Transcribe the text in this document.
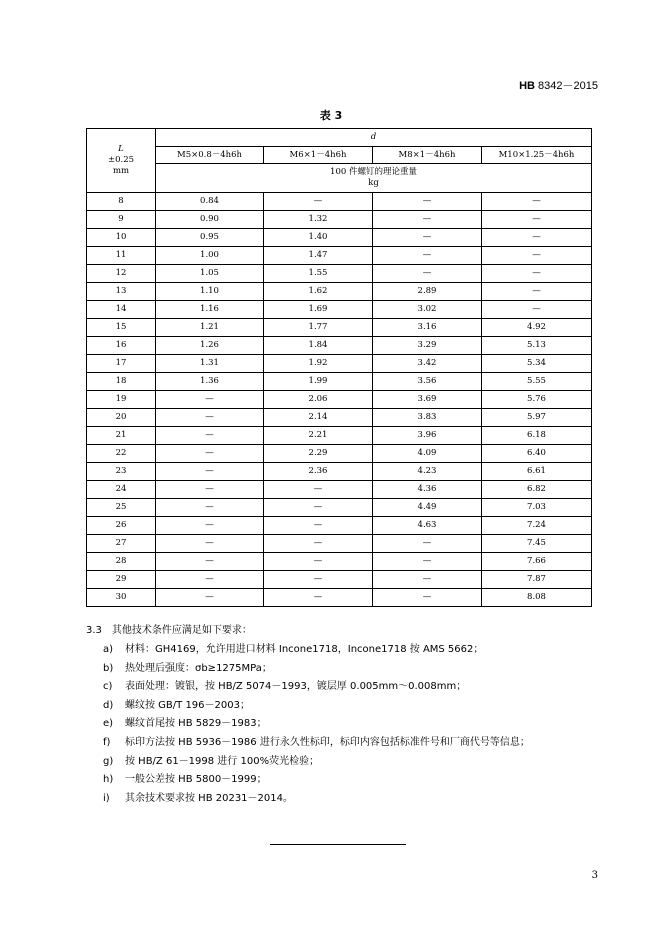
HB 8342－2015
表 3
L
±0.25
mm	d			
	M5×0.8－4h6h	M6×1－4h6h	M8×1－4h6h	M10×1.25－4h6h

	100 件螺钉的理论重量
kg			

8	0.84	—	—	—
9	0.90	1.32	—	—
10	0.95	1.40	—	—
11	1.00	1.47	—	—
12	1.05	1.55	—	—
13	1.10	1.62	2.89	—
14	1.16	1.69	3.02	—
15	1.21	1.77	3.16	4.92
16	1.26	1.84	3.29	5.13
17	1.31	1.92	3.42	5.34
18	1.36	1.99	3.56	5.55
19	—	2.06	3.69	5.76
20	—	2.14	3.83	5.97
21	—	2.21	3.96	6.18
22	—	2.29	4.09	6.40
23	—	2.36	4.23	6.61
24	—	—	4.36	6.82
25	—	—	4.49	7.03
26	—	—	4.63	7.24
27	—	—	—	7.45
28	—	—	—	7.66
29	—	—	—	7.87
30	—	—	—	8.08
3.3　其他技术条件应满足如下要求：
a) 材料：GH4169，允许用进口材料 Incone1718，Incone1718 按 AMS 5662；
b) 热处理后强度：σb≥1275MPa；
c) 表面处理：镀银，按 HB/Z 5074－1993，镀层厚 0.005mm～0.008mm；
d) 螺纹按 GB/T 196－2003；
e) 螺纹首尾按 HB 5829－1983；
f) 标印方法按 HB 5936－1986 进行永久性标印，标印内容包括标准件号和厂商代号等信息；
g) 按 HB/Z 61－1998 进行 100%荧光检验；
h) 一般公差按 HB 5800－1999；
i) 其余技术要求按 HB 20231－2014。
3
